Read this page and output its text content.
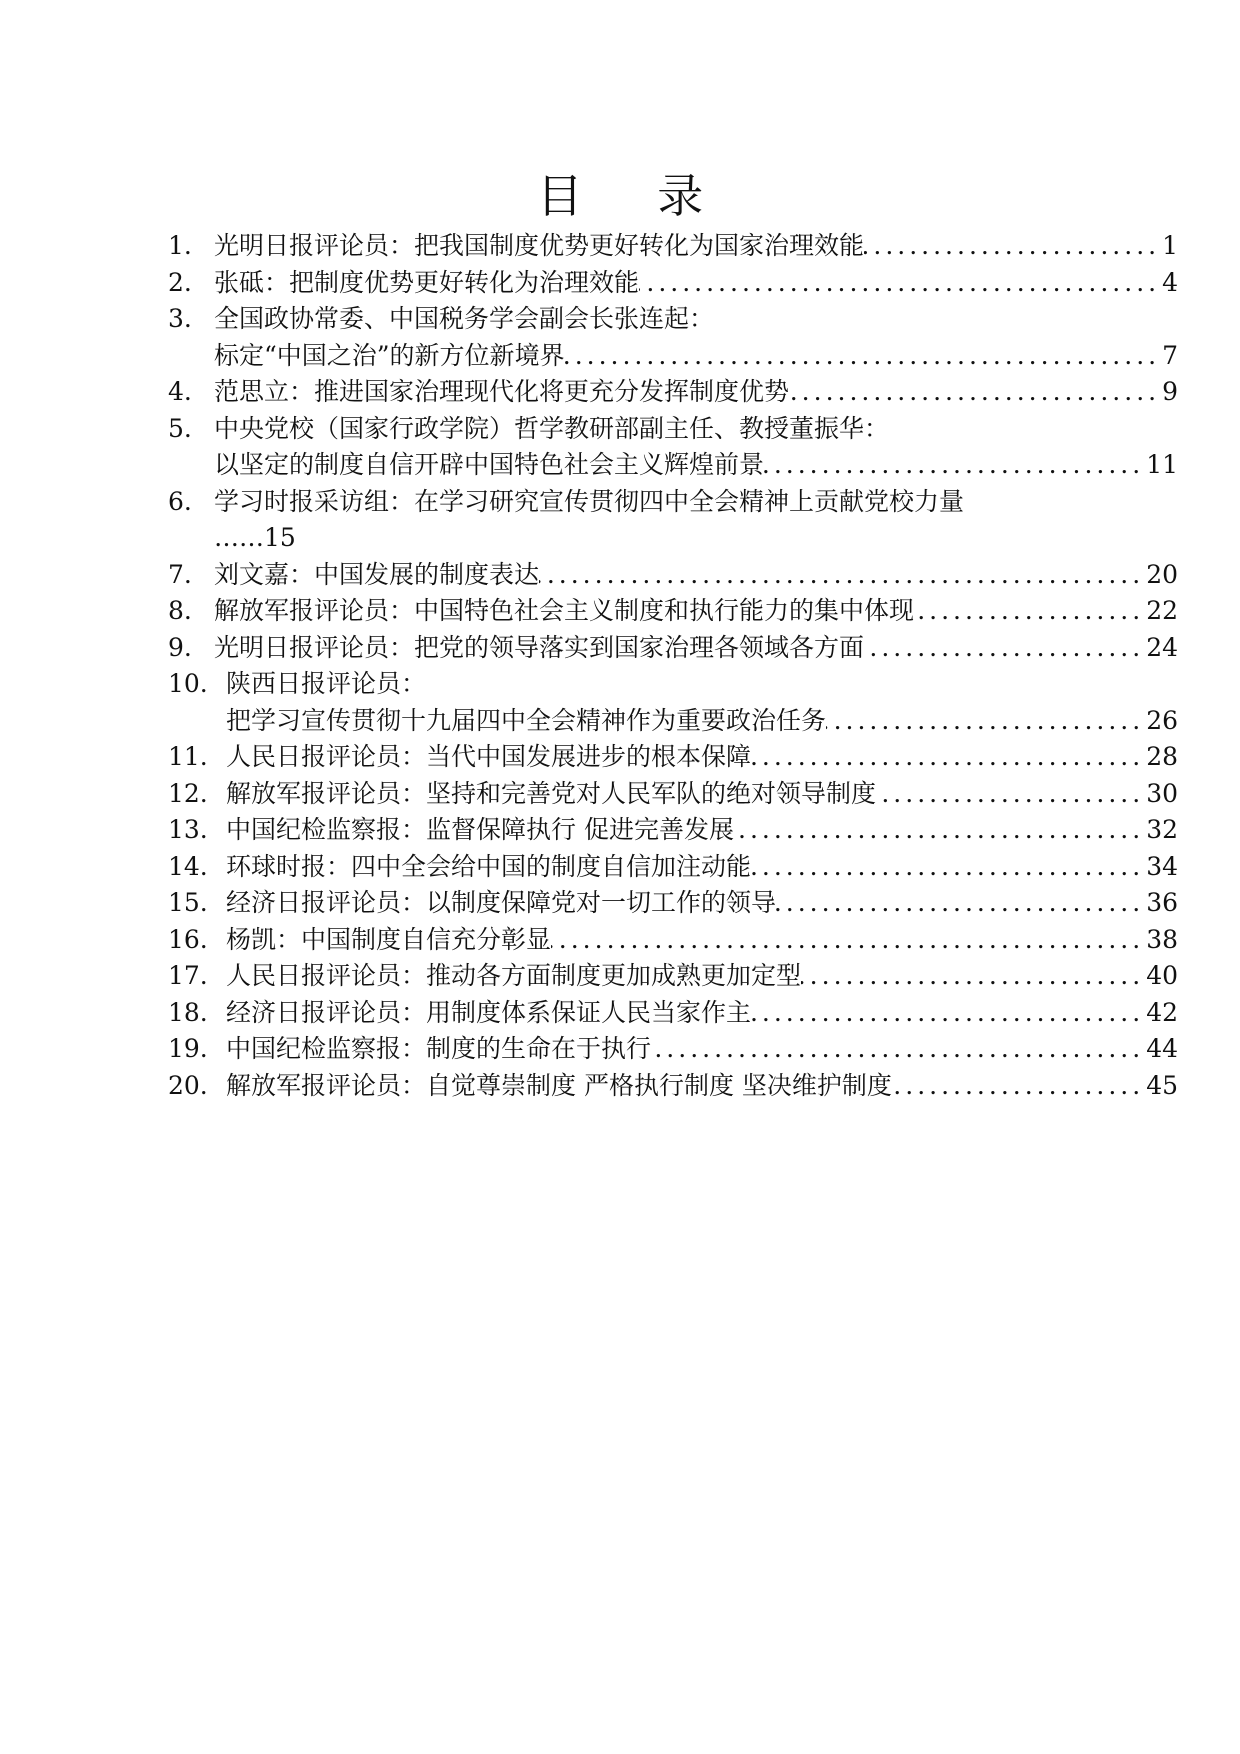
目 录
1. 光明日报评论员：把我国制度优势更好转化为国家治理效能 .....	1
2. 张砥：把制度优势更好转化为治理效能 .....	4
3. 全国政协常委、中国税务学会副会长张连起：
标定“中国之治”的新方位新境界 .....	7
4. 范思立：推进国家治理现代化将更充分发挥制度优势 .....	9
5. 中央党校（国家行政学院）哲学教研部副主任、教授董振华：
以坚定的制度自信开辟中国特色社会主义辉煌前景 .....	11
6. 学习时报采访组：在学习研究宣传贯彻四中全会精神上贡献党校力量
……15
7. 刘文嘉：中国发展的制度表达 .....	20
8. 解放军报评论员：中国特色社会主义制度和执行能力的集中体现 .....	22
9. 光明日报评论员：把党的领导落实到国家治理各领域各方面 .....	24
10. 陕西日报评论员：
把学习宣传贯彻十九届四中全会精神作为重要政治任务 .....	26
11. 人民日报评论员：当代中国发展进步的根本保障 .....	28
12. 解放军报评论员：坚持和完善党对人民军队的绝对领导制度 .....	30
13. 中国纪检监察报：监督保障执行 促进完善发展 .....	32
14. 环球时报：四中全会给中国的制度自信加注动能 .....	34
15. 经济日报评论员：以制度保障党对一切工作的领导 .....	36
16. 杨凯：中国制度自信充分彰显 .....	38
17. 人民日报评论员：推动各方面制度更加成熟更加定型 .....	40
18. 经济日报评论员：用制度体系保证人民当家作主 .....	42
19. 中国纪检监察报：制度的生命在于执行 .....	44
20. 解放军报评论员：自觉尊崇制度 严格执行制度 坚决维护制度 .....	45
